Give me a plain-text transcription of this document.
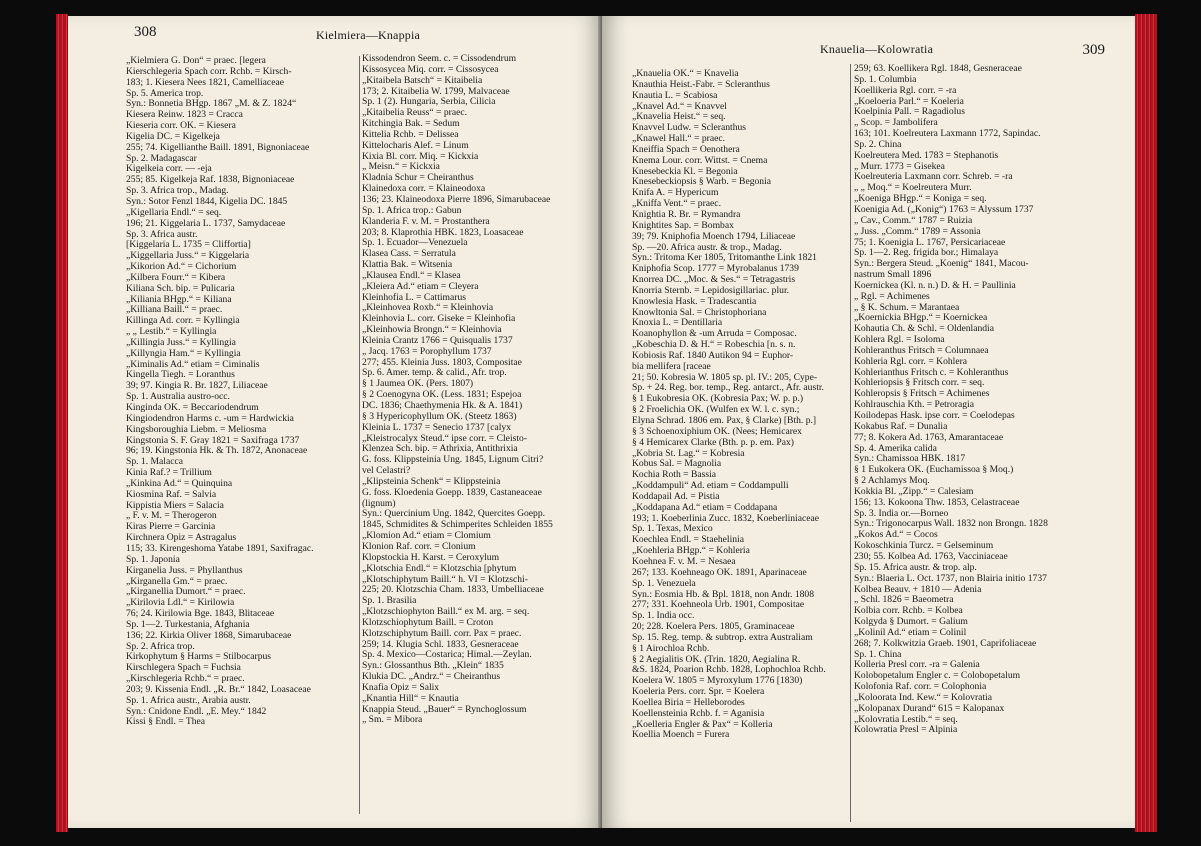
308	Kielmiera—Knappia
„Kielmiera G. Don“ = praec. [legera
Kierschlegeria Spach corr. Rchb. = Kirsch-
183; 1. Kiesera Nees 1821, Camelliaceae
Sp. 5. America trop.
Syn.: Bonnetia BHgp. 1867 „M. & Z. 1824“
Kiesera Reinw. 1823 = Cracca
Kieseria corr. OK. = Kiesera
Kigelia DC. = Kigelkeja
255; 74. Kigellianthe Baill. 1891, Bignoniaceae
Sp. 2. Madagascar
Kigelkeia corr. — -eja
255; 85. Kigelkeja Raf. 1838, Bignoniaceae
Sp. 3. Africa trop., Madag.
Syn.: Sotor Fenzl 1844, Kigelia DC. 1845
„Kigellaria Endl.“ = seq.
196; 21. Kiggelaria L. 1737, Samydaceae
Sp. 3. Africa austr.
[Kiggelaria L. 1735 = Cliffortia]
„Kiggellaria Juss.“ = Kiggelaria
„Kikorion Ad.“ = Cichorium
„Kilbera Fourr.“ = Kibera
Kiliana Sch. bip. = Pulicaria
„Kiliania BHgp.“ = Kiliana
„Killiana Baill.“ = praec.
Killinga Ad. corr. = Kyllingia
„ „ Lestib.“ = Kyllingia
„Killingia Juss.“ = Kyllingia
„Killyngia Ham.“ = Kyllingia
„Kiminalis Ad.“ etiam = Ciminalis
Kingella Tiegh. = Loranthus
39; 97. Kingia R. Br. 1827, Liliaceae
Sp. 1. Australia austro-occ.
Kinginda OK. = Beccariodendrum
Kingiodendron Harms c. -um = Hardwickia
Kingsboroughia Liebm. = Meliosma
Kingstonia S. F. Gray 1821 = Saxifraga 1737
96; 19. Kingstonia Hk. & Th. 1872, Anonaceae
Sp. 1. Malacca
Kinia Raf.? = Trillium
„Kinkina Ad.“ = Quinquina
Kiosmina Raf. = Salvia
Kippistia Miers = Salacia
„ F. v. M. = Therogeron
Kiras Pierre = Garcinia
Kirchnera Opiz = Astragalus
115; 33. Kirengeshoma Yatabe 1891, Saxifragac.
Sp. 1. Japonia
Kirganelia Juss. = Phyllanthus
„Kirganella Gm.“ = praec.
„Kirganellia Dumort.“ = praec.
„Kirilovia Ldl.“ = Kirilowia
76; 24. Kirilowia Bge. 1843, Blitaceae
Sp. 1—2. Turkestania, Afghania
136; 22. Kirkia Oliver 1868, Simarubaceae
Sp. 2. Africa trop.
Kirkophytum § Harms = Stilbocarpus
Kirschlegera Spach = Fuchsia
„Kirschlegeria Rchb.“ = praec.
203; 9. Kissenia Endl. „R. Br.“ 1842, Loasaceae
Sp. 1. Africa austr., Arabia austr.
Syn.: Cnidone Endl. „E. Mey.“ 1842
Kissi § Endl. = Thea
Kissodendron Seem. c. = Cissodendrum
Kissosycea Miq. corr. = Cissosycea
„Kitaibela Batsch“ = Kitaibelia
173; 2. Kitaibelia W. 1799, Malvaceae
Sp. 1 (2). Hungaria, Serbia, Cilicia
„Kitaibelia Reuss“ = praec.
Kitchingia Bak. = Sedum
Kittelia Rchb. = Delissea
Kittelocharis Alef. = Linum
Kixia Bl. corr. Miq. = Kickxia
„ Meisn.“ = Kickxia
Kladnia Schur = Cheiranthus
Klainedoxa corr. = Klaineodoxa
136; 23. Klaineodoxa Pierre 1896, Simarubaceae
Sp. 1. Africa trop.: Gabun
Klanderia F. v. M. = Prostanthera
203; 8. Klaprothia HBK. 1823, Loasaceae
Sp. 1. Ecuador—Venezuela
Klasea Cass. = Serratula
Klattia Bak. = Witsenia
„Klausea Endl.“ = Klasea
„Kleiera Ad.“ etiam = Cleyera
Kleinhofia L. = Cattimarus
„Kleinhovea Roxb.“ = Kleinhovia
Kleinhovia L. corr. Giseke = Kleinhofia
„Kleinhowia Brongn.“ = Kleinhovia
Kleinia Crantz 1766 = Quisqualis 1737
„ Jacq. 1763 = Porophyllum 1737
277; 455. Kleinia Juss. 1803, Compositae
Sp. 6. Amer. temp. & calid., Afr. trop.
§ 1 Jaumea OK. (Pers. 1807)
§ 2 Coenogyna OK. (Less. 1831; Espejoa
DC. 1836; Chaethymenia Hk. & A. 1841)
§ 3 Hypericophyllum OK. (Steetz 1863)
Kleinia L. 1737 = Senecio 1737 [calyx
„Kleistrocalyx Steud.“ ipse corr. = Cleisto-
Klenzea Sch. bip. = Athrixia, Antithrixia
G. foss. Klippsteinia Ung. 1845, Lignum Citri?
vel Celastri?
„Klipsteinia Schenk“ = Klippsteinia
G. foss. Kloedenia Goepp. 1839, Castaneaceae
(lignum)
Syn.: Quercinium Ung. 1842, Quercites Goepp.
1845, Schmidites & Schimperites Schleiden 1855
„Klomion Ad.“ etiam = Clomium
Klonion Raf. corr. = Clonium
Klopstockia H. Karst. = Ceroxylum
„Klotschia Endl.“ = Klotzschia [phytum
„Klotschiphytum Baill.“ h. VI = Klotzschi-
225; 20. Klotzschia Cham. 1833, Umbelliaceae
Sp. 1. Brasilia
„Klotzschiophyton Baill.“ ex M. arg. = seq.
Klotzschiophytum Baill. = Croton
Klotzschiphytum Baill. corr. Pax = praec.
259; 14. Klugia Schl. 1833, Gesneraceae
Sp. 4. Mexico—Costarica; Himal.—Zeylan.
Syn.: Glossanthus Bth. „Klein“ 1835
Klukia DC. „Andrz.“ = Cheiranthus
Knafia Opiz = Salix
„Knantia Hill“ = Knautia
Knappia Steud. „Bauer“ = Rynchoglossum
„ Sm. = Mibora
Knauelia—Kolowratia	309
„Knauelia OK.“ = Knavelia
Knauthia Heist.-Fabr. = Scleranthus
Knautia L. = Scabiosa
„Knavel Ad.“ = Knavvel
„Knavelia Heist.“ = seq.
Knavvel Ludw. = Scleranthus
„Knawel Hall.“ = praec.
Kneiffia Spach = Oenothera
Knema Lour. corr. Wittst. = Cnema
Knesebeckia Kl. = Begonia
Knesebeckiopsis § Warb. = Begonia
Knifa A. = Hypericum
„Kniffa Vent.“ = praec.
Knightia R. Br. = Rymandra
Knightites Sap. = Bombax
39; 79. Kniphofia Moench 1794, Liliaceae
Sp. —20. Africa austr. & trop., Madag.
Syn.: Tritoma Ker 1805, Tritomanthe Link 1821
Kniphofia Scop. 1777 = Myrobalanus 1739
Knorrea DC. „Moc. & Ses.“ = Tetragastris
Knorria Sternb. = Lepidosigillariac. plur.
Knowlesia Hask. = Tradescantia
Knowltonia Sal. = Christophoriana
Knoxia L. = Dentillaria
Koanophyllon & -um Arruda = Composac.
„Kobeschia D. & H.“ = Robeschia [n. s. n.
Kobiosis Raf. 1840 Autikon 94 = Euphor-
bia mellifera [raceae
21; 50. Kobresia W. 1805 sp. pl. IV.: 205, Cype-
Sp. + 24. Reg. bor. temp., Reg. antarct., Afr. austr.
§ 1 Eukobresia OK. (Kobresia Pax; W. p. p.)
§ 2 Froelichia OK. (Wulfen ex W. l. c. syn.;
Elyna Schrad. 1806 em. Pax, § Clarke) [Bth. p.]
§ 3 Schoenoxiphium OK. (Nees; Hemicarex
§ 4 Hemicarex Clarke (Bth. p. p. em. Pax)
„Kobria St. Lag.“ = Kobresia
Kobus Sal. = Magnolia
Kochia Roth = Bassia
„Koddampuli“ Ad. etiam = Coddampulli
Koddapail Ad. = Pistia
„Koddapana Ad.“ etiam = Coddapana
193; 1. Koeberlinia Zucc. 1832, Koeberliniaceae
Sp. 1. Texas, Mexico
Koechlea Endl. = Staehelinia
„Koehleria BHgp.“ = Kohleria
Koehnea F. v. M. = Nesaea
267; 133. Koehneago OK. 1891, Aparinaceae
Sp. 1. Venezuela
Syn.: Eosmia Hb. & Bpl. 1818, non Andr. 1808
277; 331. Koehneola Urb. 1901, Compositae
Sp. 1. India occ.
20; 228. Koelera Pers. 1805, Graminaceae
Sp. 15. Reg. temp. & subtrop. extra Australiam
§ 1 Airochloa Rchb.
§ 2 Aegialitis OK. (Trin. 1820, Aegialina R.
&S. 1824, Poarion Rchb. 1828, Lophochloa Rchb.
Koelera W. 1805 = Myroxylum 1776 [1830)
Koeleria Pers. corr. Spr. = Koelera
Koellea Biria = Helleborodes
Koellensteinia Rchb. f. = Aganisia
„Koelleria Engler & Pax“ = Kolleria
Koellia Moench = Furera
259; 63. Koellikera Rgl. 1848, Gesneraceae
Sp. 1. Columbia
Koellikeria Rgl. corr. = -ra
„Koeloeria Parl.“ = Koeleria
Koelpinia Pall. = Ragadiolus
„ Scop. = Jambolifera
163; 101. Koelreutera Laxmann 1772, Sapindac.
Sp. 2. China
Koelreutera Med. 1783 = Stephanotis
„ Murr. 1773 = Gisekea
Koelreuteria Laxmann corr. Schreb. = -ra
„ „ Moq.“ = Koelreutera Murr.
„Koeniga BHgp.“ = Koniga = seq.
Koenigia Ad. („Konig“) 1763 = Alyssum 1737
„ Cav., Comm.“ 1787 = Ruizia
„ Juss. „Comm.“ 1789 = Assonia
75; 1. Koenigia L. 1767, Persicariaceae
Sp. 1—2. Reg. frigida bor.; Himalaya
Syn.: Bergera Steud. „Koenig“ 1841, Macou-
nastrum Small 1896
Koernickea (Kl. n. n.) D. & H. = Paullinia
„ Rgl. = Achimenes
„ § K. Schum. = Marantaea
„Koernickia BHgp.“ = Koernickea
Kohautia Ch. & Schl. = Oldenlandia
Kohlera Rgl. = Isoloma
Kohleranthus Fritsch = Columnaea
Kohleria Rgl. corr. = Kohlera
Kohlerianthus Fritsch c. = Kohleranthus
Kohleriopsis § Fritsch corr. = seq.
Kohleropsis § Fritsch = Achimenes
Kohlrauschia Kth. = Petroragia
Koilodepas Hask. ipse corr. = Coelodepas
Kokabus Raf. = Dunalia
77; 8. Kokera Ad. 1763, Amarantaceae
Sp. 4. Amerika calida
Syn.: Chamissoa HBK. 1817
§ 1 Eukokera OK. (Euchamissoa § Moq.)
§ 2 Achlamys Moq.
Kokkia Bl. „Zipp.“ = Calesiam
156; 13. Kokoona Thw. 1853, Celastraceae
Sp. 3. India or.—Borneo
Syn.: Trigonocarpus Wall. 1832 non Brongn. 1828
„Kokos Ad.“ = Cocos
Kokoschkinia Turcz. = Gelseminum
230; 55. Kolbea Ad. 1763, Vacciniaceae
Sp. 15. Africa austr. & trop. alp.
Syn.: Blaeria L. Oct. 1737, non Blairia initio 1737
Kolbea Beauv. + 1810 — Adenia
„ Schl. 1826 = Baeometra
Kolbia corr. Rchb. = Kolbea
Kolgyda § Dumort. = Galium
„Kolinil Ad.“ etiam = Colinil
268; 7. Kolkwitzia Graeb. 1901, Caprifoliaceae
Sp. 1. China
Kolleria Presl corr. -ra = Galenia
Kolobopetalum Engler c. = Colobopetalum
Kolofonia Raf. corr. = Colophonia
„Koloorata Ind. Kew.“ = Kolovratia
„Kolopanax Durand“ 615 = Kalopanax
„Kolovratia Lestib.“ = seq.
Kolowratia Presl = Alpinia
